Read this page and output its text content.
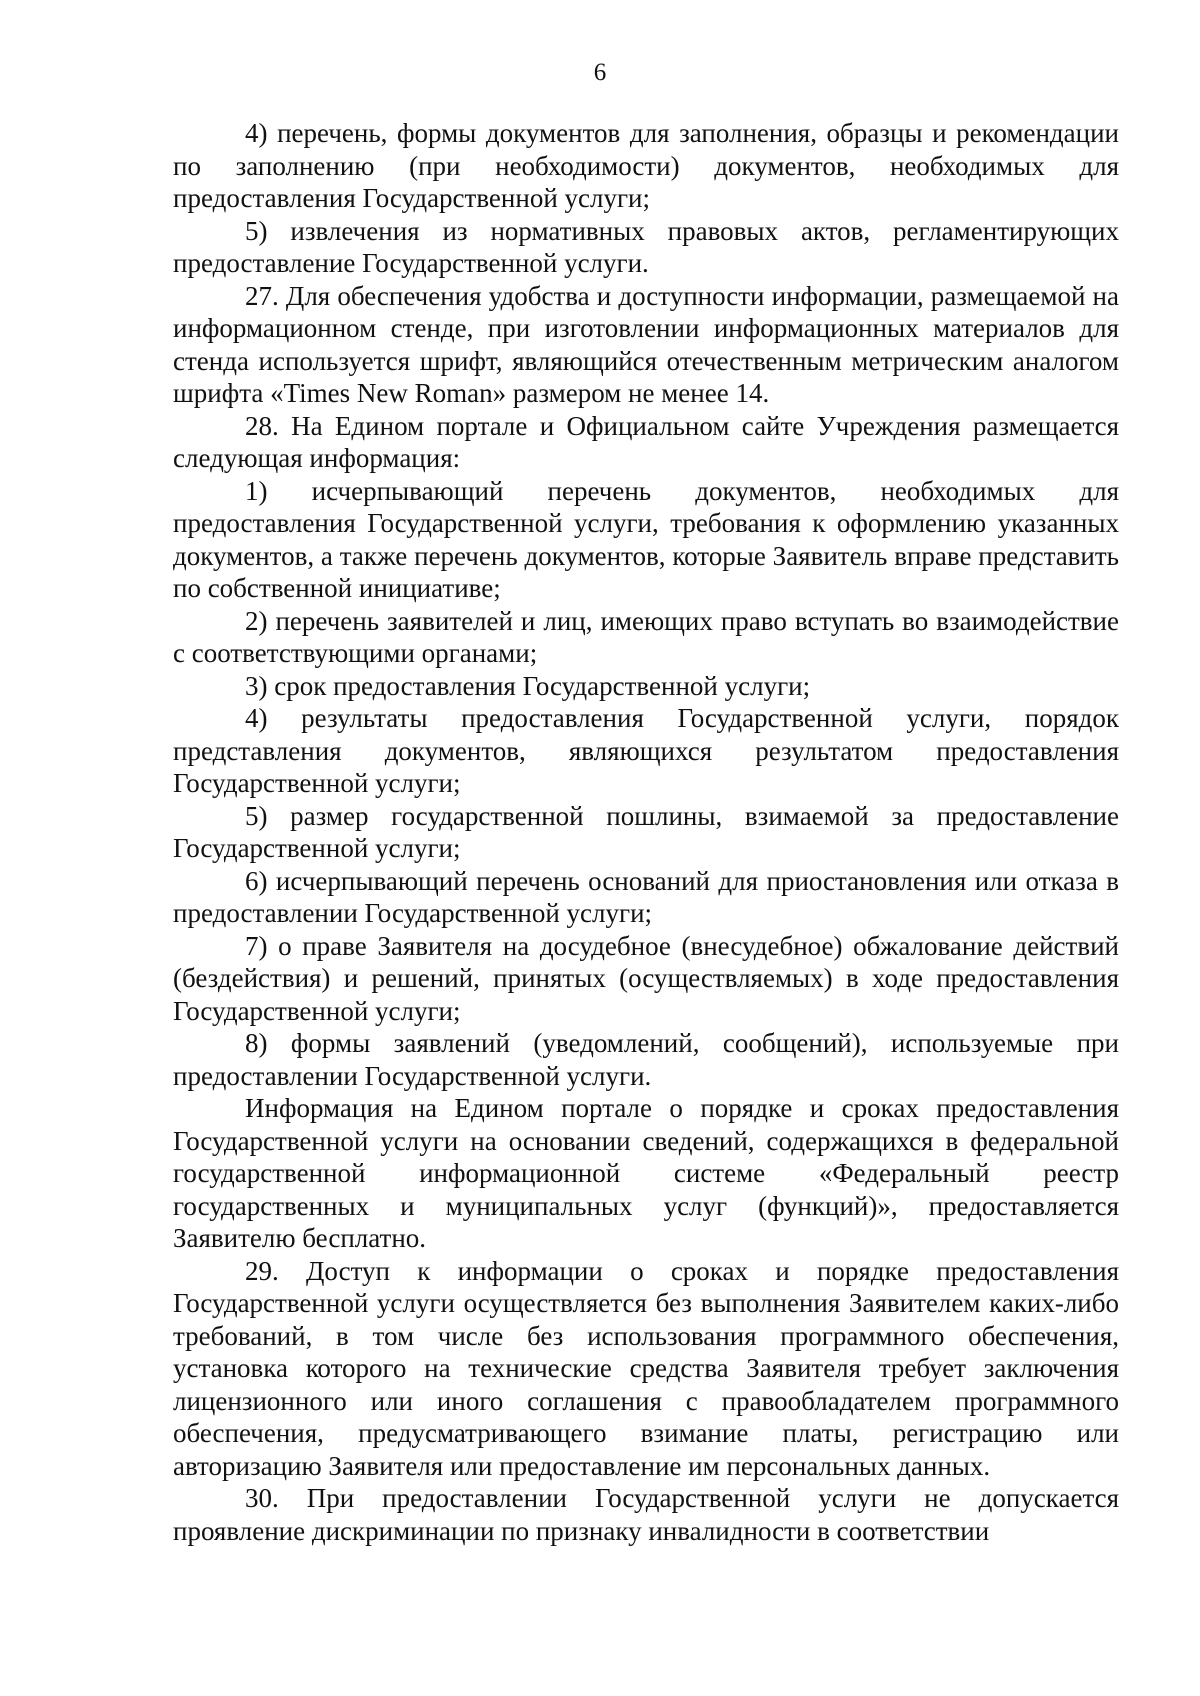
6

4) перечень, формы документов для заполнения, образцы и рекомендации по заполнению (при необходимости) документов, необходимых для предоставления Государственной услуги;

5) извлечения из нормативных правовых актов, регламентирующих предоставление Государственной услуги.

27. Для обеспечения удобства и доступности информации, размещаемой на информационном стенде, при изготовлении информационных материалов для стенда используется шрифт, являющийся отечественным метрическим аналогом шрифта «Times New Roman» размером не менее 14.

28. На Едином портале и Официальном сайте Учреждения размещается следующая информация:

1) исчерпывающий перечень документов, необходимых для предоставления Государственной услуги, требования к оформлению указанных документов, а также перечень документов, которые Заявитель вправе представить по собственной инициативе;

2) перечень заявителей и лиц, имеющих право вступать во взаимодействие с соответствующими органами;

3) срок предоставления Государственной услуги;

4) результаты предоставления Государственной услуги, порядок представления документов, являющихся результатом предоставления Государственной услуги;

5) размер государственной пошлины, взимаемой за предоставление Государственной услуги;

6) исчерпывающий перечень оснований для приостановления или отказа в предоставлении Государственной услуги;

7) о праве Заявителя на досудебное (внесудебное) обжалование действий (бездействия) и решений, принятых (осуществляемых) в ходе предоставления Государственной услуги;

8) формы заявлений (уведомлений, сообщений), используемые при предоставлении Государственной услуги.

Информация на Едином портале о порядке и сроках предоставления Государственной услуги на основании сведений, содержащихся в федеральной государственной информационной системе «Федеральный реестр государственных и муниципальных услуг (функций)», предоставляется Заявителю бесплатно.

29. Доступ к информации о сроках и порядке предоставления Государственной услуги осуществляется без выполнения Заявителем каких-либо требований, в том числе без использования программного обеспечения, установка которого на технические средства Заявителя требует заключения лицензионного или иного соглашения с правообладателем программного обеспечения, предусматривающего взимание платы, регистрацию или авторизацию Заявителя или предоставление им персональных данных.

30. При предоставлении Государственной услуги не допускается проявление дискриминации по признаку инвалидности в соответствии
